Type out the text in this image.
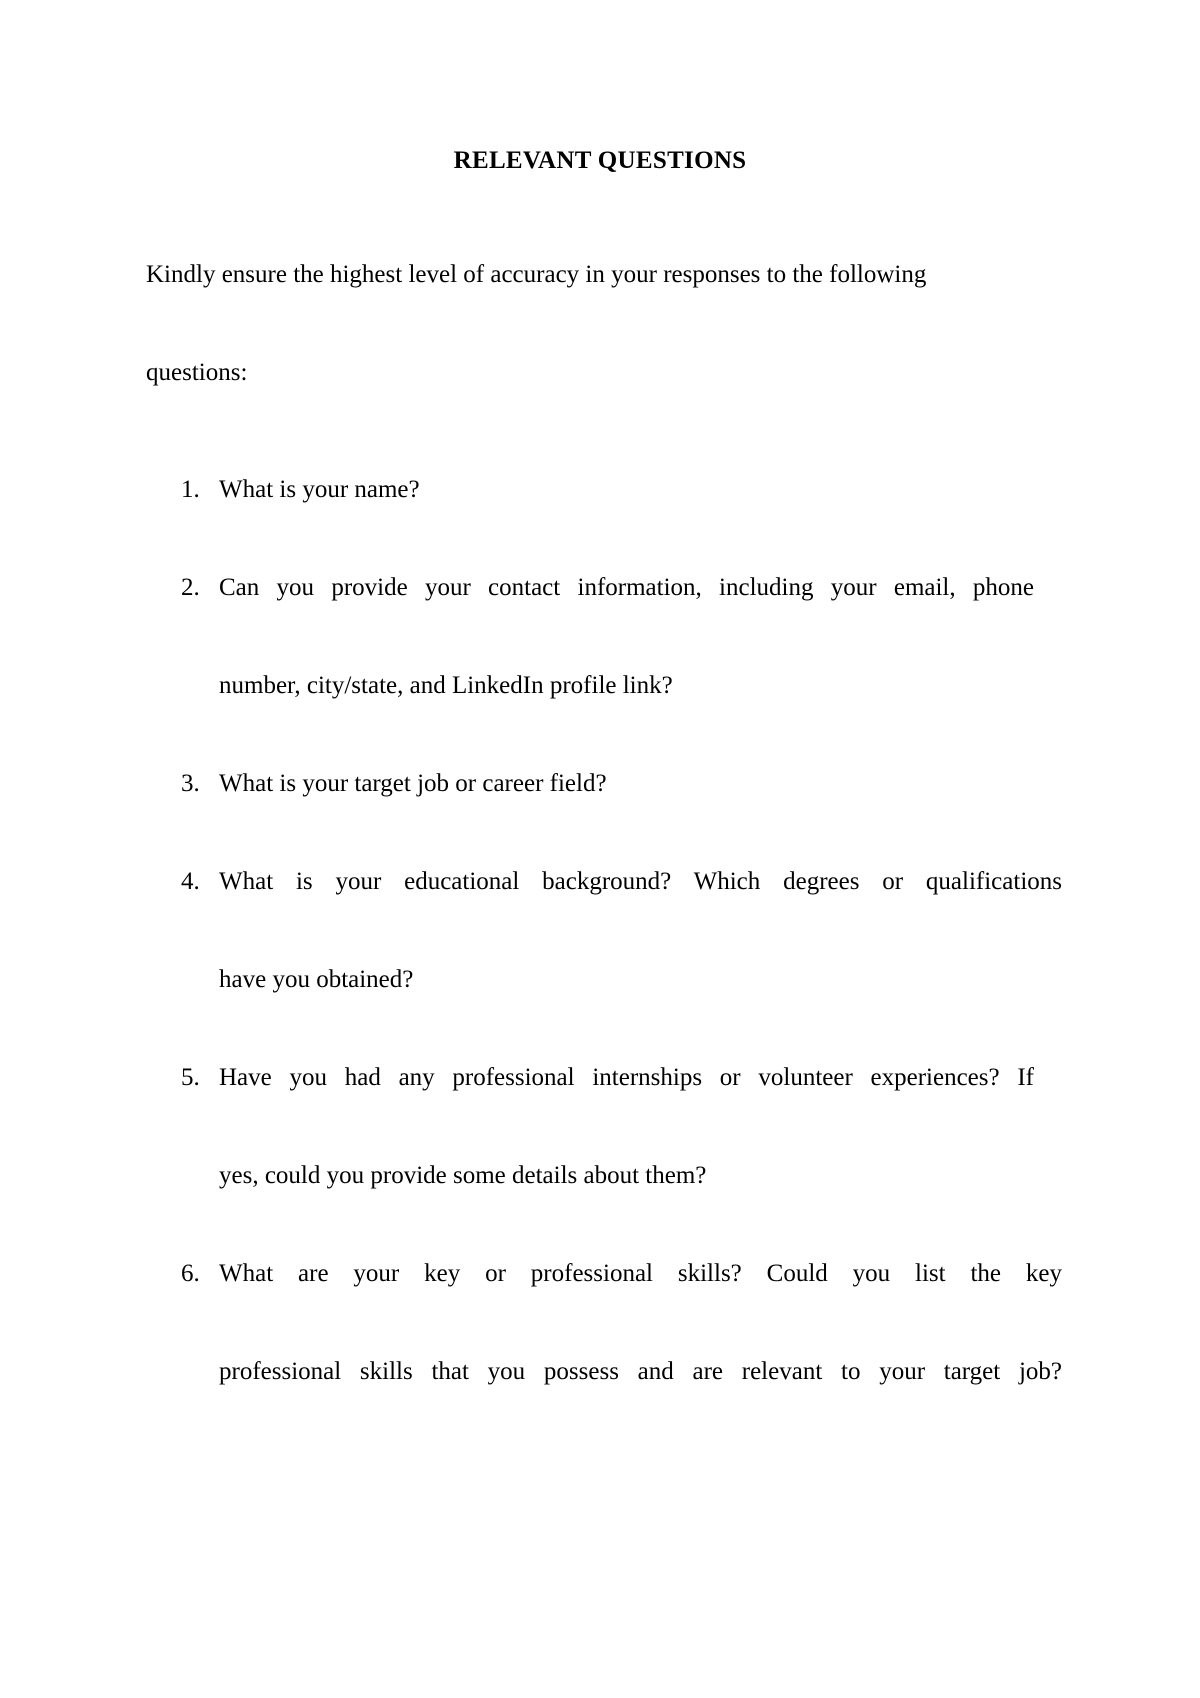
RELEVANT QUESTIONS
Kindly ensure the highest level of accuracy in your responses to the following
questions:
1. What is your name?
2. Can you provide your contact information, including your email, phone
number, city/state, and LinkedIn profile link?
3. What is your target job or career field?
4. What is your educational background? Which degrees or qualifications
have you obtained?
5. Have you had any professional internships or volunteer experiences? If
yes, could you provide some details about them?
6. What are your key or professional skills? Could you list the key
professional skills that you possess and are relevant to your target job?
